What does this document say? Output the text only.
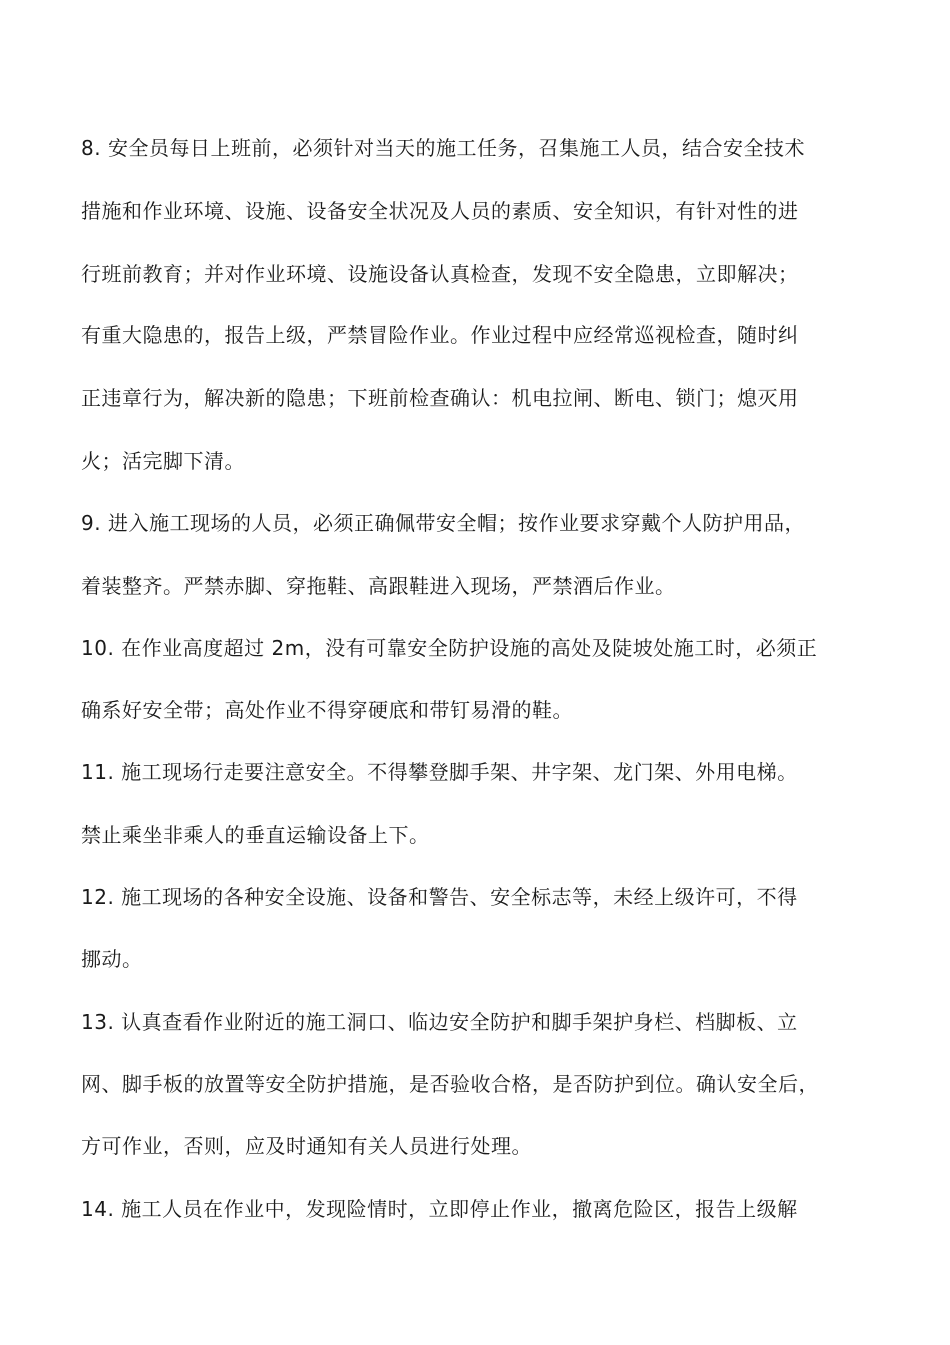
8. 安全员每日上班前，必须针对当天的施工任务，召集施工人员，结合安全技术
措施和作业环境、设施、设备安全状况及人员的素质、安全知识，有针对性的进
行班前教育；并对作业环境、设施设备认真检查，发现不安全隐患，立即解决；
有重大隐患的，报告上级，严禁冒险作业。作业过程中应经常巡视检查，随时纠
正违章行为，解决新的隐患；下班前检查确认：机电拉闸、断电、锁门；熄灭用
火；活完脚下清。
9. 进入施工现场的人员，必须正确佩带安全帽；按作业要求穿戴个人防护用品，
着装整齐。严禁赤脚、穿拖鞋、高跟鞋进入现场，严禁酒后作业。
10. 在作业高度超过 2m，没有可靠安全防护设施的高处及陡坡处施工时，必须正
确系好安全带；高处作业不得穿硬底和带钉易滑的鞋。
11. 施工现场行走要注意安全。不得攀登脚手架、井字架、龙门架、外用电梯。
禁止乘坐非乘人的垂直运输设备上下。
12. 施工现场的各种安全设施、设备和警告、安全标志等，未经上级许可，不得
挪动。
13. 认真查看作业附近的施工洞口、临边安全防护和脚手架护身栏、档脚板、立
网、脚手板的放置等安全防护措施，是否验收合格，是否防护到位。确认安全后，
方可作业，否则，应及时通知有关人员进行处理。
14. 施工人员在作业中，发现险情时，立即停止作业，撤离危险区，报告上级解
